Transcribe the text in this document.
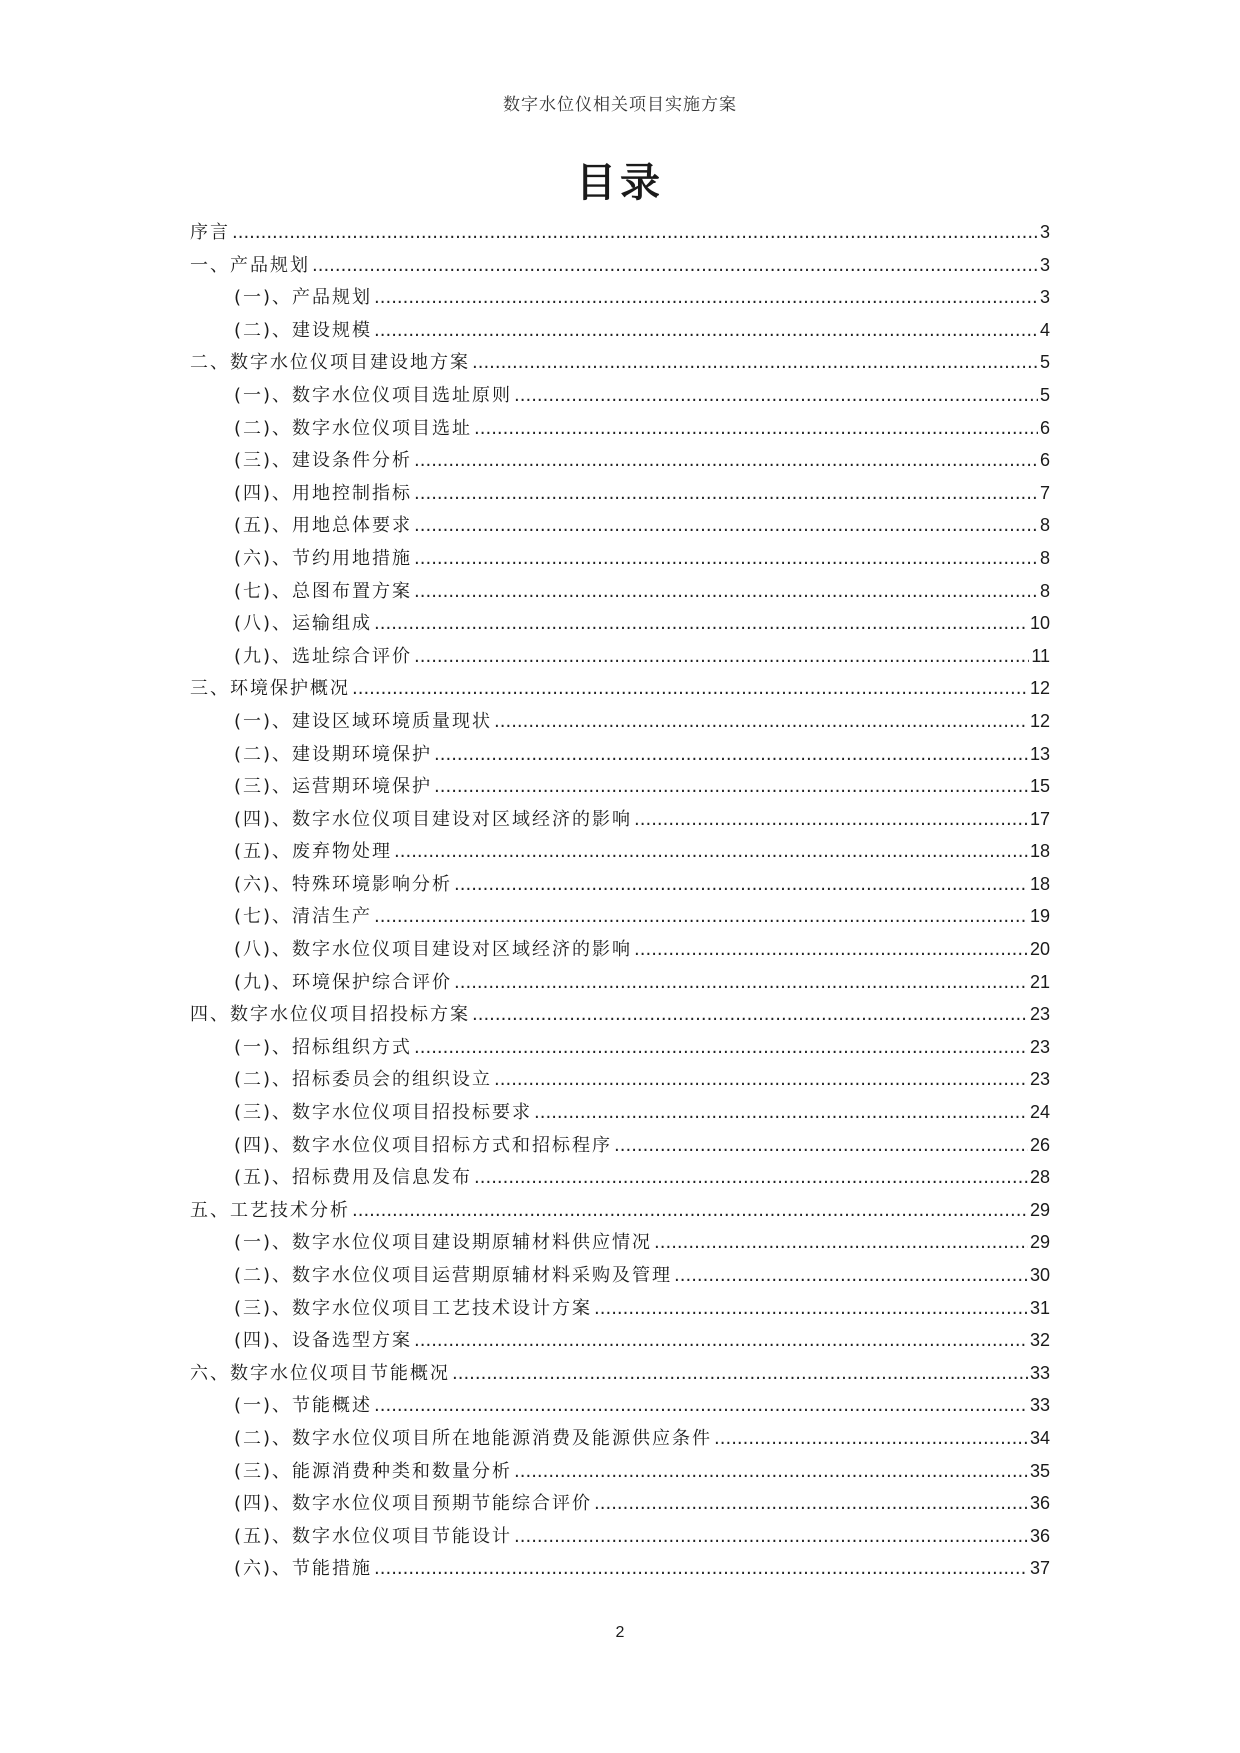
数字水位仪相关项目实施方案
目录
序言 .....	3
一、产品规划 .....	3
(一)、产品规划 .....	3
(二)、建设规模 .....	4
二、数字水位仪项目建设地方案 .....	5
(一)、数字水位仪项目选址原则 .....	5
(二)、数字水位仪项目选址 .....	6
(三)、建设条件分析 .....	6
(四)、用地控制指标 .....	7
(五)、用地总体要求 .....	8
(六)、节约用地措施 .....	8
(七)、总图布置方案 .....	8
(八)、运输组成 .....	10
(九)、选址综合评价 .....	11
三、环境保护概况 .....	12
(一)、建设区域环境质量现状 .....	12
(二)、建设期环境保护 .....	13
(三)、运营期环境保护 .....	15
(四)、数字水位仪项目建设对区域经济的影响 .....	17
(五)、废弃物处理 .....	18
(六)、特殊环境影响分析 .....	18
(七)、清洁生产 .....	19
(八)、数字水位仪项目建设对区域经济的影响 .....	20
(九)、环境保护综合评价 .....	21
四、数字水位仪项目招投标方案 .....	23
(一)、招标组织方式 .....	23
(二)、招标委员会的组织设立 .....	23
(三)、数字水位仪项目招投标要求 .....	24
(四)、数字水位仪项目招标方式和招标程序 .....	26
(五)、招标费用及信息发布 .....	28
五、工艺技术分析 .....	29
(一)、数字水位仪项目建设期原辅材料供应情况 .....	29
(二)、数字水位仪项目运营期原辅材料采购及管理 .....	30
(三)、数字水位仪项目工艺技术设计方案 .....	31
(四)、设备选型方案 .....	32
六、数字水位仪项目节能概况 .....	33
(一)、节能概述 .....	33
(二)、数字水位仪项目所在地能源消费及能源供应条件 .....	34
(三)、能源消费种类和数量分析 .....	35
(四)、数字水位仪项目预期节能综合评价 .....	36
(五)、数字水位仪项目节能设计 .....	36
(六)、节能措施 .....	37
2
